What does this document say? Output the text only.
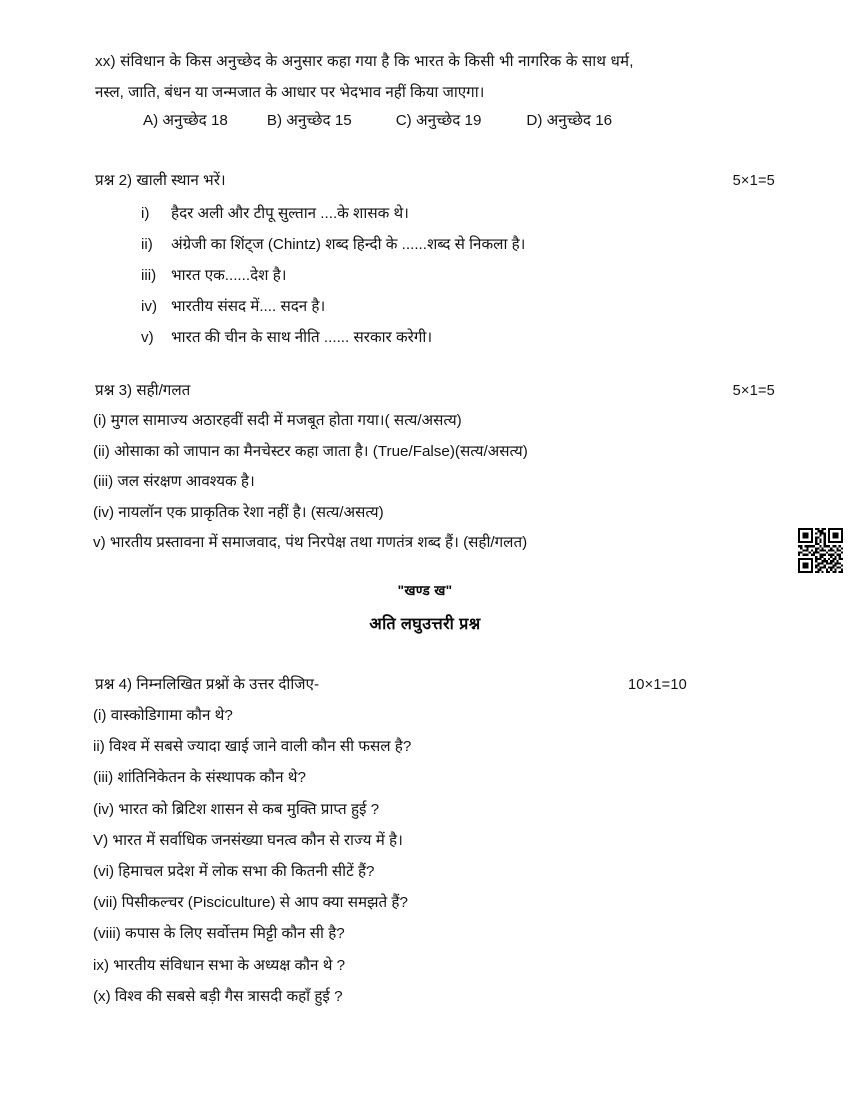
xx) संविधान के किस अनुच्छेद के अनुसार कहा गया है कि भारत के किसी भी नागरिक के साथ धर्म,
नस्ल, जाति, बंधन या जन्मजात के आधार पर भेदभाव नहीं किया जाएगा।
A) अनुच्छेद 18	B) अनुच्छेद 15	C) अनुच्छेद 19	D) अनुच्छेद 16
प्रश्न 2) खाली स्थान भरें।	5×1=5
i)	हैदर अली और टीपू सुल्तान ....के शासक थे।
ii)	अंग्रेजी का शिंट्ज (Chintz) शब्द हिन्दी के ......शब्द से निकला है।
iii) भारत एक......देश है।
iv) भारतीय संसद में.... सदन है।
v)	भारत की चीन के साथ नीति ...... सरकार करेगी।
प्रश्न 3) सही/गलत	5×1=5
(i) मुगल सामाज्य अठारहवीं सदी में मजबूत होता गया।( सत्य/असत्य)
(ii) ओसाका को जापान का मैनचेस्टर कहा जाता है। (True/False)(सत्य/असत्य)
(iii) जल संरक्षण आवश्यक है।
(iv) नायलॉन एक प्राकृतिक रेशा नहीं है। (सत्य/असत्य)
v) भारतीय प्रस्तावना में समाजवाद, पंथ निरपेक्ष तथा गणतंत्र शब्द हैं। (सही/गलत)
"खण्ड ख"
अति लघुउत्तरी प्रश्न
प्रश्न 4) निम्नलिखित प्रश्नों के उत्तर दीजिए-	10×1=10
(i) वास्कोडिगामा कौन थे?
ii) विश्व में सबसे ज्यादा खाई जाने वाली कौन सी फसल है?
(iii) शांतिनिकेतन के संस्थापक कौन थे?
(iv) भारत को ब्रिटिश शासन से कब मुक्ति प्राप्त हुई ?
V) भारत में सर्वाधिक जनसंख्या घनत्व कौन से राज्य में है।
(vi) हिमाचल प्रदेश में लोक सभा की कितनी सीटें हैं?
(vii) पिसीकल्चर (Pisciculture) से आप क्या समझते हैं?
(viii) कपास के लिए सर्वोत्तम मिट्टी कौन सी है?
ix) भारतीय संविधान सभा के अध्यक्ष कौन थे ?
(x) विश्व की सबसे बड़ी गैस त्रासदी कहाँ हुई ?
